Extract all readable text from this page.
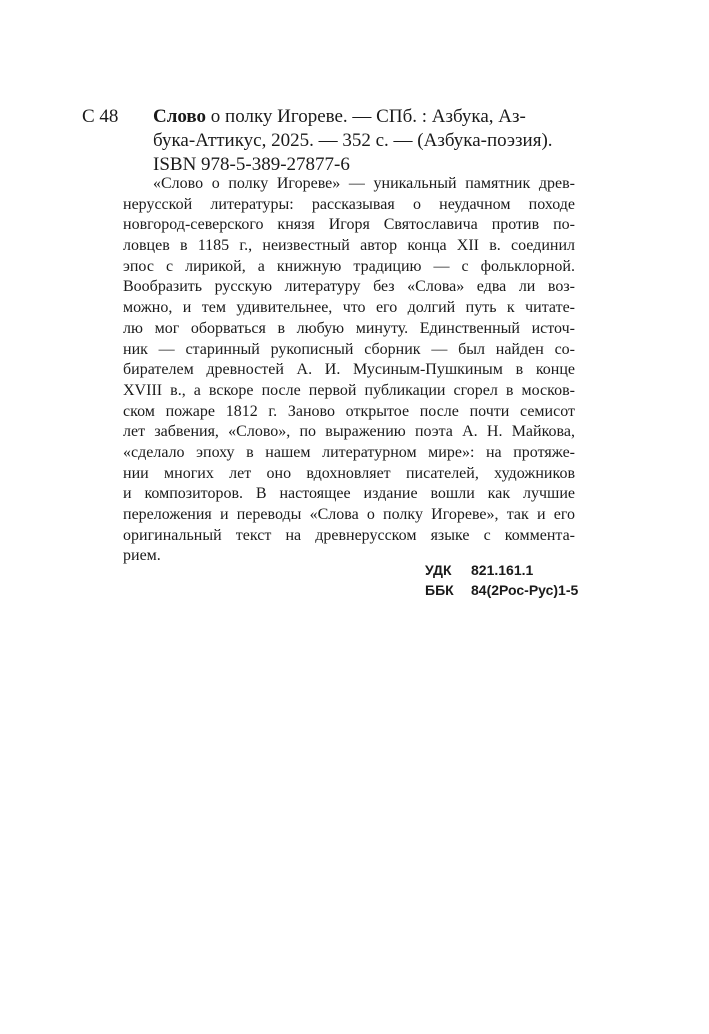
С 48 Слово о полку Игореве. — СПб. : Азбука, Аз-
бука-Аттикус, 2025. — 352 с. — (Азбука-поэзия).
ISBN 978-5-389-27877-6
«Слово о полку Игореве» — уникальный памятник древ-
нерусской литературы: рассказывая о неудачном походе
новгород-северского князя Игоря Святославича против по-
ловцев в 1185 г., неизвестный автор конца XII в. соединил
эпос с лирикой, а книжную традицию — с фольклорной.
Вообразить русскую литературу без «Слова» едва ли воз-
можно, и тем удивительнее, что его долгий путь к читате-
лю мог оборваться в любую минуту. Единственный источ-
ник — старинный рукописный сборник — был найден со-
бирателем древностей А. И. Мусиным-Пушкиным в конце
XVIII в., а вскоре после первой публикации сгорел в москов-
ском пожаре 1812 г. Заново открытое после почти семисот
лет забвения, «Слово», по выражению поэта А. Н. Майкова,
«сделало эпоху в нашем литературном мире»: на протяже-
нии многих лет оно вдохновляет писателей, художников
и композиторов. В настоящее издание вошли как лучшие
переложения и переводы «Слова о полку Игореве», так и его
оригинальный текст на древнерусском языке с коммента-
рием.
УДК 821.161.1
ББК 84(2Рос-Рус)1-5
